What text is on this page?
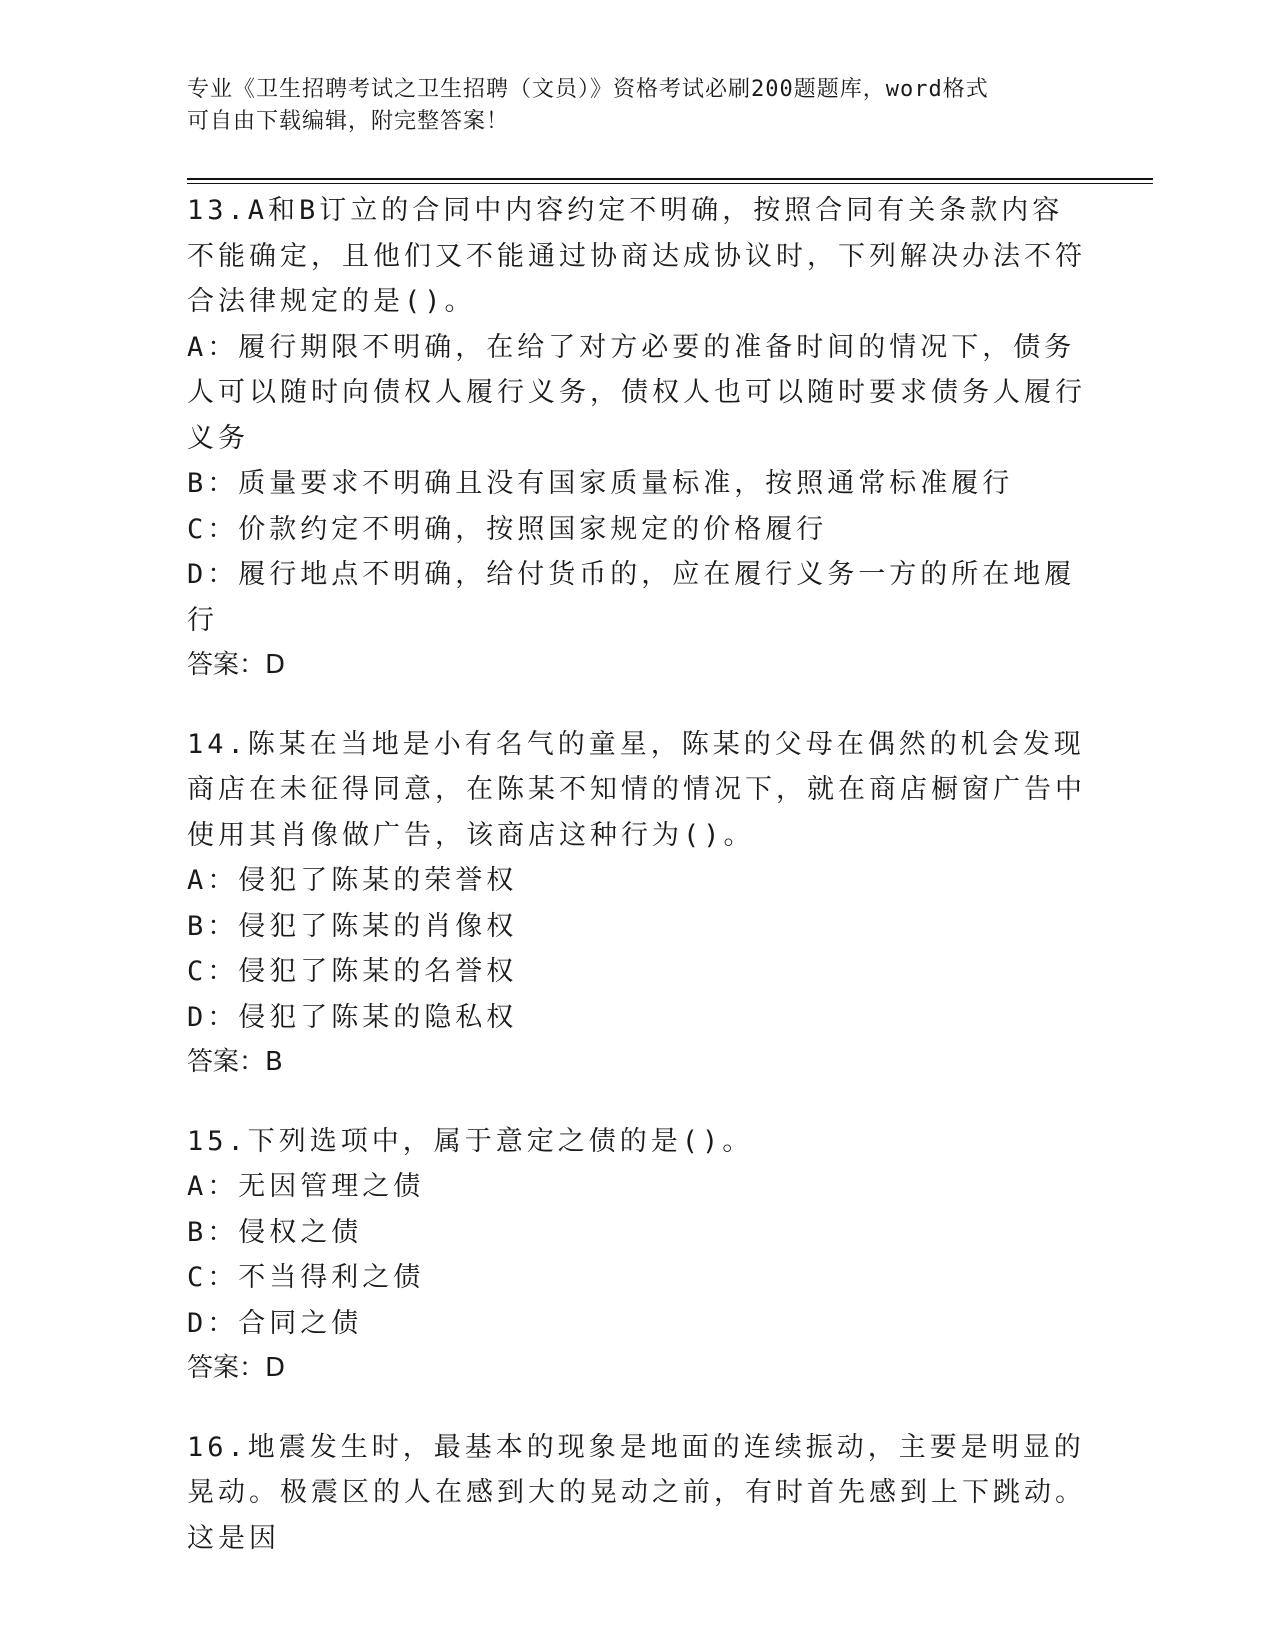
专业《卫生招聘考试之卫生招聘（文员）》资格考试必刷200题题库，word格式
可自由下载编辑，附完整答案！
13.A和B订立的合同中内容约定不明确，按照合同有关条款内容不能确定，且他们又不能通过协商达成协议时，下列解决办法不符合法律规定的是()。
A：履行期限不明确，在给了对方必要的准备时间的情况下，债务人可以随时向债权人履行义务，债权人也可以随时要求债务人履行义务
B：质量要求不明确且没有国家质量标准，按照通常标准履行
C：价款约定不明确，按照国家规定的价格履行
D：履行地点不明确，给付货币的，应在履行义务一方的所在地履行
答案：D
14.陈某在当地是小有名气的童星，陈某的父母在偶然的机会发现商店在未征得同意，在陈某不知情的情况下，就在商店橱窗广告中使用其肖像做广告，该商店这种行为()。
A：侵犯了陈某的荣誉权
B：侵犯了陈某的肖像权
C：侵犯了陈某的名誉权
D：侵犯了陈某的隐私权
答案：B
15.下列选项中，属于意定之债的是()。
A：无因管理之债
B：侵权之债
C：不当得利之债
D：合同之债
答案：D
16.地震发生时，最基本的现象是地面的连续振动，主要是明显的晃动。极震区的人在感到大的晃动之前，有时首先感到上下跳动。这是因
